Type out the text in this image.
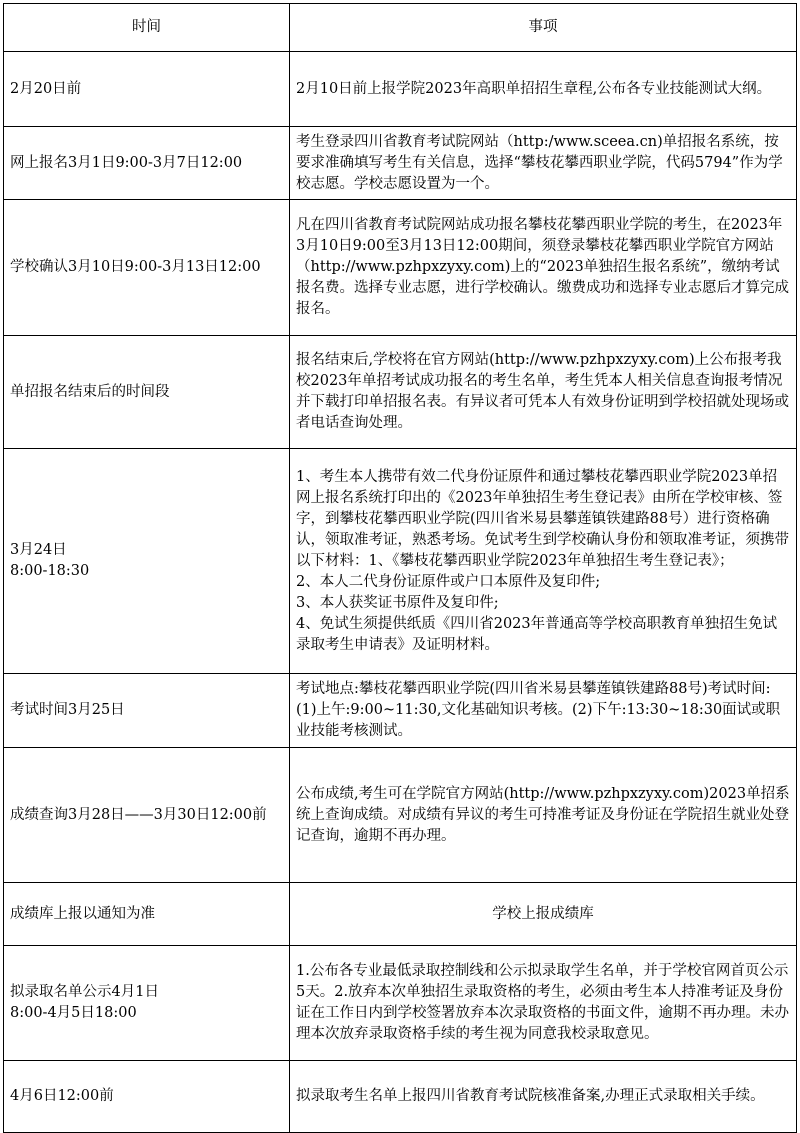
时间	事项

2月20日前	2月10日前上报学院2023年高职单招招生章程,公布各专业技能测试大纲。

网上报名3月1日9:00-3月7日12:00	考生登录四川省教育考试院网站（http:/www.sceea.cn)单招报名系统，按要求准确填写考生有关信息，选择“攀枝花攀西职业学院，代码5794”作为学校志愿。学校志愿设置为一个。

学校确认3月10日9:00-3月13日12:00	凡在四川省教育考试院网站成功报名攀枝花攀西职业学院的考生，在2023年3月10日9:00至3月13日12:00期间，须登录攀枝花攀西职业学院官方网站（http://www.pzhpxzyxy.com)上的“2023单独招生报名系统”，缴纳考试报名费。选择专业志愿，进行学校确认。缴费成功和选择专业志愿后才算完成报名。

单招报名结束后的时间段	报名结束后,学校将在官方网站(http://www.pzhpxzyxy.com)上公布报考我校2023年单招考试成功报名的考生名单，考生凭本人相关信息查询报考情况并下载打印单招报名表。有异议者可凭本人有效身份证明到学校招就处现场或者电话查询处理。

3月24日
8:00-18:30	1、考生本人携带有效二代身份证原件和通过攀枝花攀西职业学院2023单招网上报名系统打印出的《2023年单独招生考生登记表》由所在学校审核、签字，到攀枝花攀西职业学院(四川省米易县攀莲镇铁建路88号）进行资格确认，领取准考证，熟悉考场。免试考生到学校确认身份和领取准考证，须携带以下材料：1、《攀枝花攀西职业学院2023年单独招生考生登记表》；
2、本人二代身份证原件或户口本原件及复印件;
3、本人获奖证书原件及复印件;
4、免试生须提供纸质《四川省2023年普通高等学校高职教育单独招生免试录取考生申请表》及证明材料。

考试时间3月25日	考试地点:攀枝花攀西职业学院(四川省米易县攀莲镇铁建路88号)考试时间:(1)上午:9:00~11:30,文化基础知识考核。(2)下午:13:30~18:30面试或职业技能考核测试。

成绩查询3月28日——3月30日12:00前	公布成绩,考生可在学院官方网站(http://www.pzhpxzyxy.com)2023单招系统上查询成绩。对成绩有异议的考生可持准考证及身份证在学院招生就业处登记查询，逾期不再办理。

成绩库上报以通知为准	学校上报成绩库

拟录取名单公示4月1日
8:00-4月5日18:00	1.公布各专业最低录取控制线和公示拟录取学生名单，并于学校官网首页公示5天。2.放弃本次单独招生录取资格的考生，必须由考生本人持准考证及身份证在工作日内到学校签署放弃本次录取资格的书面文件，逾期不再办理。未办理本次放弃录取资格手续的考生视为同意我校录取意见。

4月6日12:00前	拟录取考生名单上报四川省教育考试院核准备案,办理正式录取相关手续。
